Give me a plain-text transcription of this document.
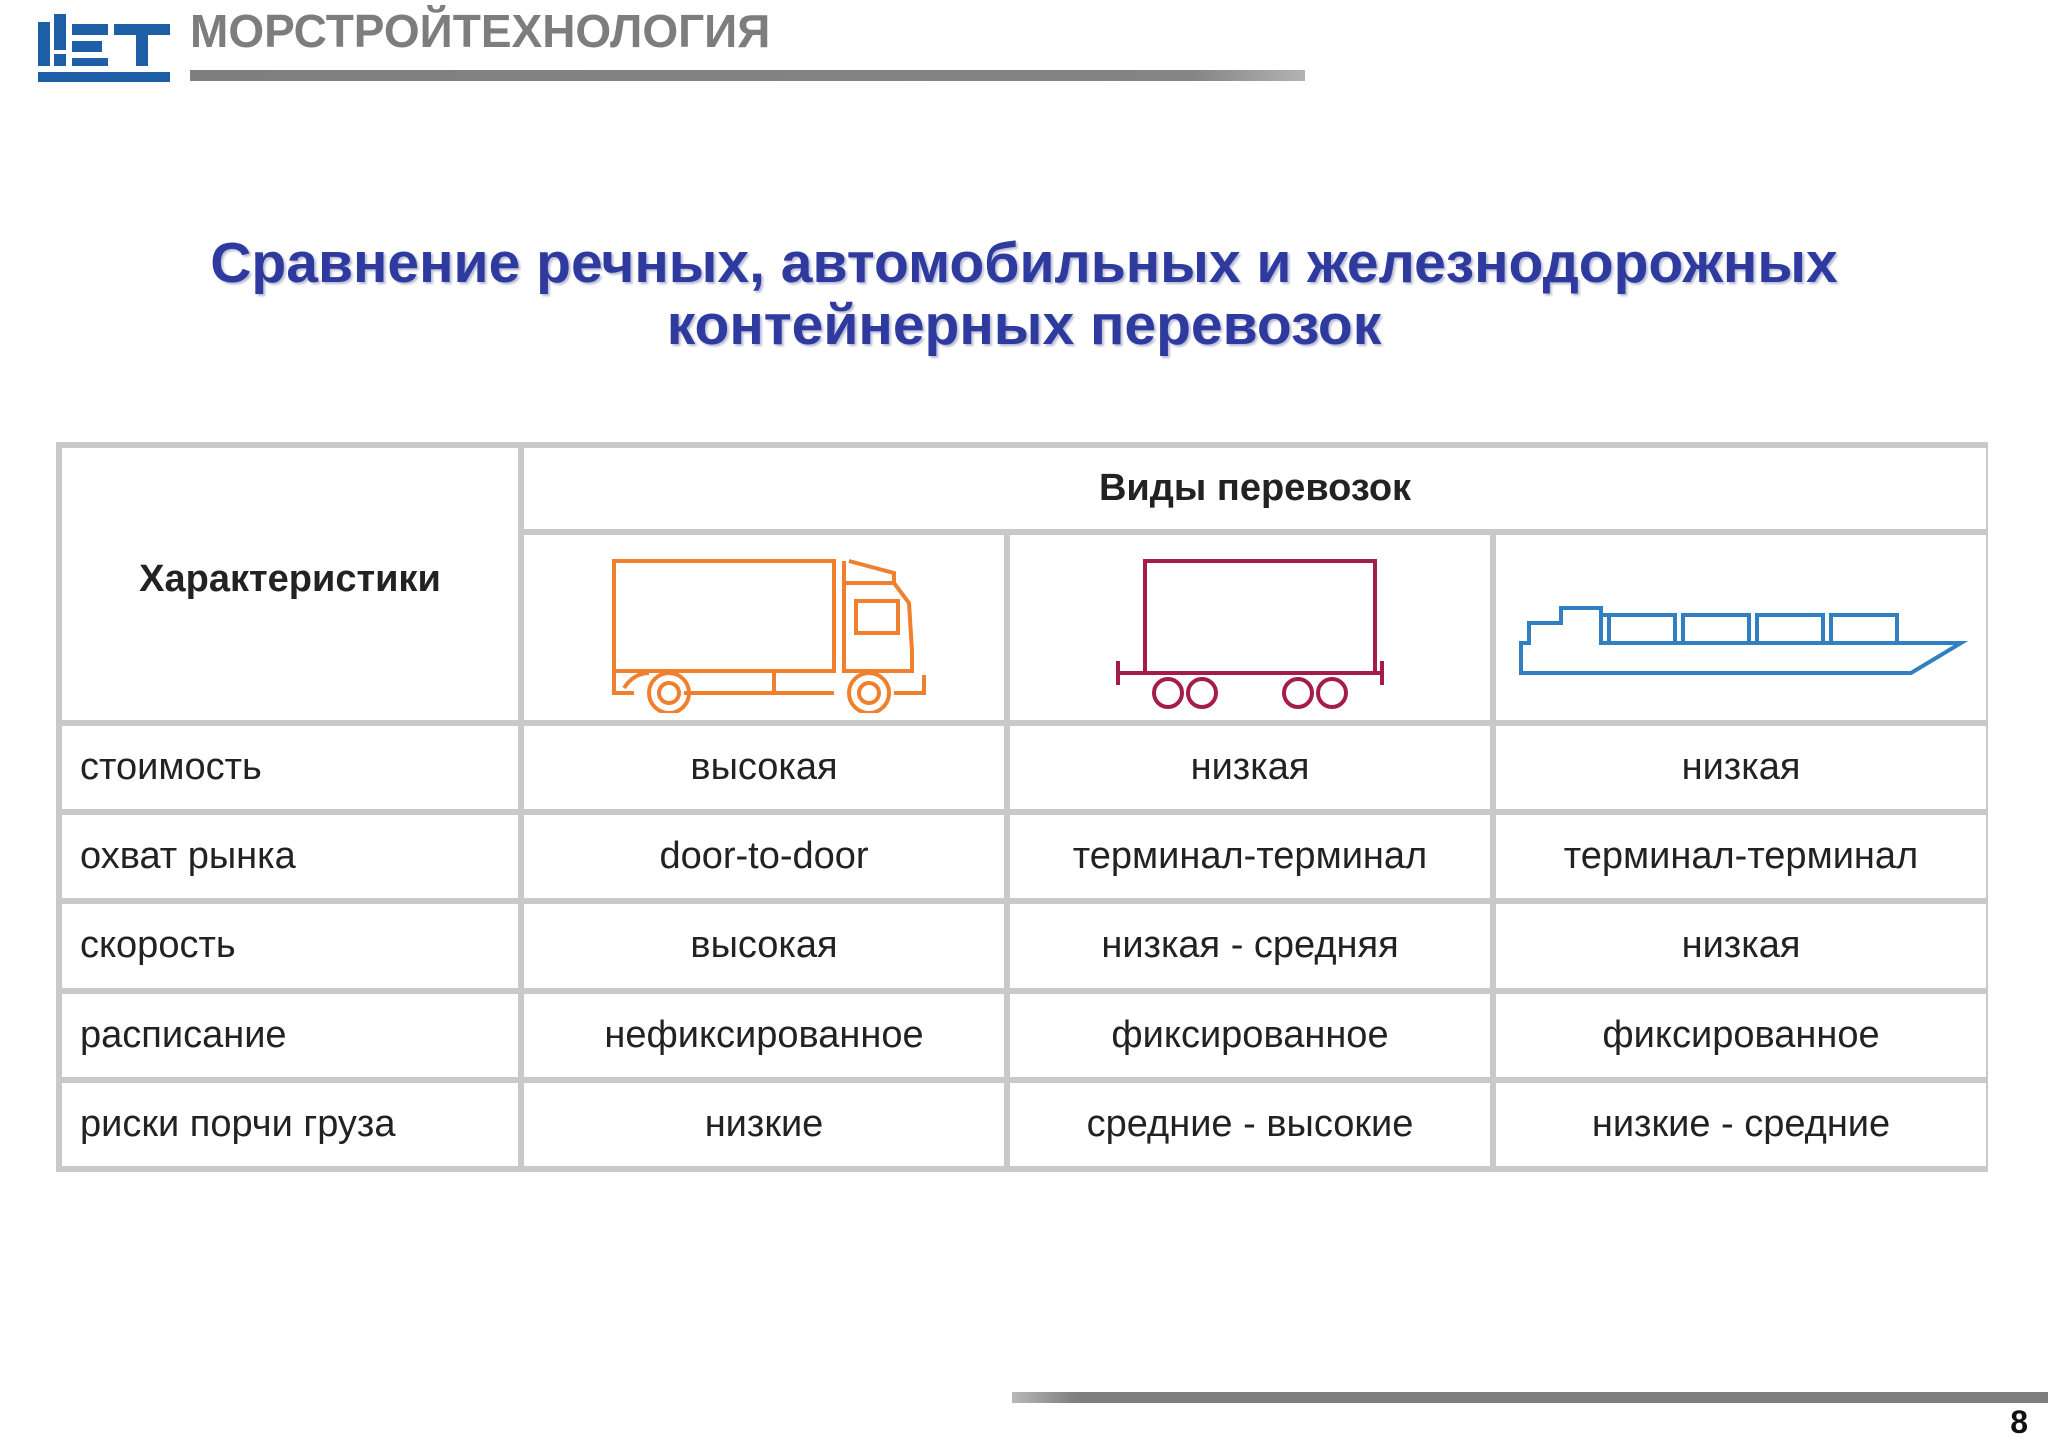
МОРСТРОЙТЕХНОЛОГИЯ
Сравнение речных, автомобильных и железнодорожных
контейнерных перевозок
Характеристики	Виды перевозок		

стоимость	высокая	низкая	низкая
охват рынка	door-to-door	терминал-терминал	терминал-терминал
скорость	высокая	низкая - средняя	низкая
расписание	нефиксированное	фиксированное	фиксированное
риски порчи груза	низкие	средние - высокие	низкие - средние
8
